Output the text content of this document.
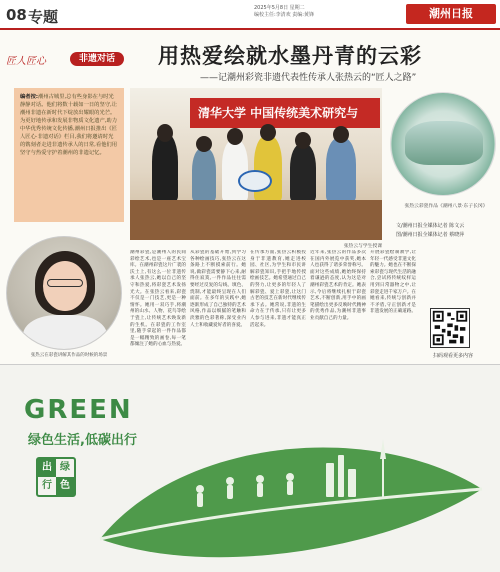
08 专题	2025年5月8日 星期二
编校主任:李清欢 责编:黄锋	潮州日报
匠人匠心	非遗对话	用热爱绘就水墨丹青的云彩
——记潮州彩瓷非遗代表性传承人张热云的“匠人之路”
编者按:潮州古城里,总有些身影在与时光静静对话。他们将数十载如一日的坚守,让潮州非遗在新时代下绽放出耀眼的光芒。为更好地传承和发展非物质文化遗产,助力中华优秀传统文化传播,潮州日报推出《匠人匠心·非遗对话》栏目,我们将邀请时光的镌刻者走进非遗传承人的日常,看他们用坚守与热爱守护着潮州的非遗记忆。
清华大学 中国传统美术研究与
张热云与学生授课
张热云彩瓷作品《潮州八景·东子长冈》
文/潮州日报全媒体记者 陈文云
图/潮州日报全媒体记者 蔡晓萍
张热云在彩瓷讲解其作品的时候的场景
潮州彩瓷,是潮州人的民间彩绘艺术,也是一座艺术宝库。在潮州彩瓷这片广袤的沃土上,有这么一位非遗传承人张热云,她以自己的坚守和热爱,将彩瓷艺术发扬光大。在张热云看来,彩瓷不仅是一门技艺,更是一种情怀。她用一双巧手,将潮州的山水、人物、花鸟等绘于瓷上,让传统艺术焕发新的生机。在彩瓷的工作室里,随手拿起的一件作品都是一幅精致的画卷,每一笔都倾注了她的心血与热爱。
从彩瓷的基础开始,到学习各种绘画技巧,张热云在这条路上不断摸索前行。她说,做彩瓷需要静下心来,耐得住寂寞,一件作品往往需要经过反复的勾线、填色、烧制,才能最终呈现在人们面前。在多年的实践中,她逐渐形成了自己独特的艺术风格,作品以细腻的笔触和淡雅的色彩著称,深受业内人士和收藏爱好者的喜爱。
在传承方面,张热云积极投身于非遗教育,她走进校园、社区,为学生和市民讲解彩瓷知识,手把手地传授绘画技艺。她希望通过自己的努力,让更多的年轻人了解彩瓷、爱上彩瓷,让这门古老的技艺在新时代继续传承下去。她常说,非遗的生命力在于传承,只有让更多人参与进来,非遗才能真正活起来。
近年来,张热云的作品多次在国内外展览中获奖,她本人也获得了诸多荣誉称号。面对这些成绩,她始终保持着谦逊的态度,认为这是对潮州彩瓷艺术的肯定。她表示,今后将继续扎根于彩瓷艺术,不断创新,用手中的画笔描绘出更多反映时代精神的优秀作品,为潮州非遗事业贡献自己的力量。
开展彩瓷绘制教学,让年轻一代感受非遗文化的魅力。她也在不断探索彩瓷与现代生活的融合,尝试将传统纹样运用到日常器物之中,让彩瓷走进千家万户。在她看来,传统与创新并不矛盾,守正创新才是非遗发展的正确道路。
扫码观看更多内容
GREEN
绿色生活,低碳出行
出 绿
行 色
